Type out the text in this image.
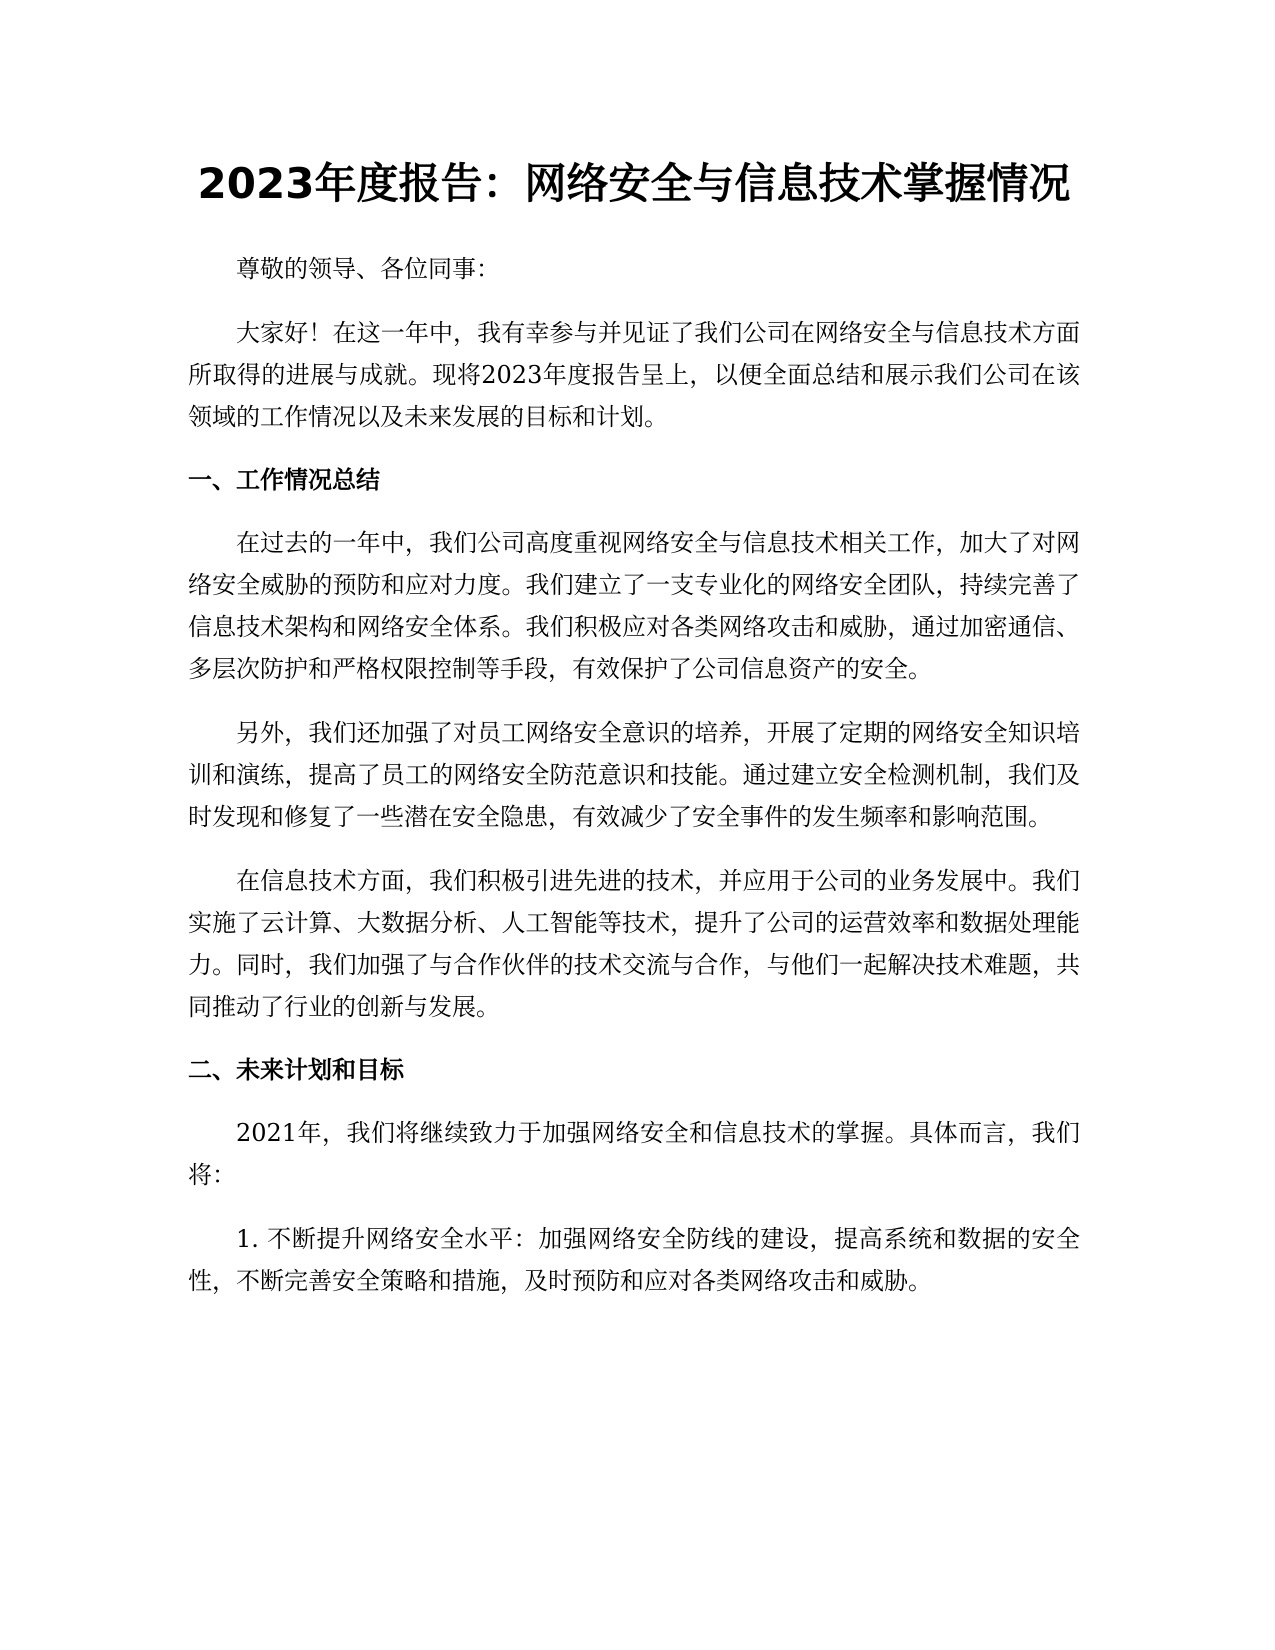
2023年度报告：网络安全与信息技术掌握情况

尊敬的领导、各位同事：

大家好！在这一年中，我有幸参与并见证了我们公司在网络安全与信息技术方面所取得的进展与成就。现将2023年度报告呈上，以便全面总结和展示我们公司在该领域的工作情况以及未来发展的目标和计划。

一、工作情况总结

在过去的一年中，我们公司高度重视网络安全与信息技术相关工作，加大了对网络安全威胁的预防和应对力度。我们建立了一支专业化的网络安全团队，持续完善了信息技术架构和网络安全体系。我们积极应对各类网络攻击和威胁，通过加密通信、多层次防护和严格权限控制等手段，有效保护了公司信息资产的安全。

另外，我们还加强了对员工网络安全意识的培养，开展了定期的网络安全知识培训和演练，提高了员工的网络安全防范意识和技能。通过建立安全检测机制，我们及时发现和修复了一些潜在安全隐患，有效减少了安全事件的发生频率和影响范围。

在信息技术方面，我们积极引进先进的技术，并应用于公司的业务发展中。我们实施了云计算、大数据分析、人工智能等技术，提升了公司的运营效率和数据处理能力。同时，我们加强了与合作伙伴的技术交流与合作，与他们一起解决技术难题，共同推动了行业的创新与发展。

二、未来计划和目标

2021年，我们将继续致力于加强网络安全和信息技术的掌握。具体而言，我们将：

1. 不断提升网络安全水平：加强网络安全防线的建设，提高系统和数据的安全性，不断完善安全策略和措施，及时预防和应对各类网络攻击和威胁。
